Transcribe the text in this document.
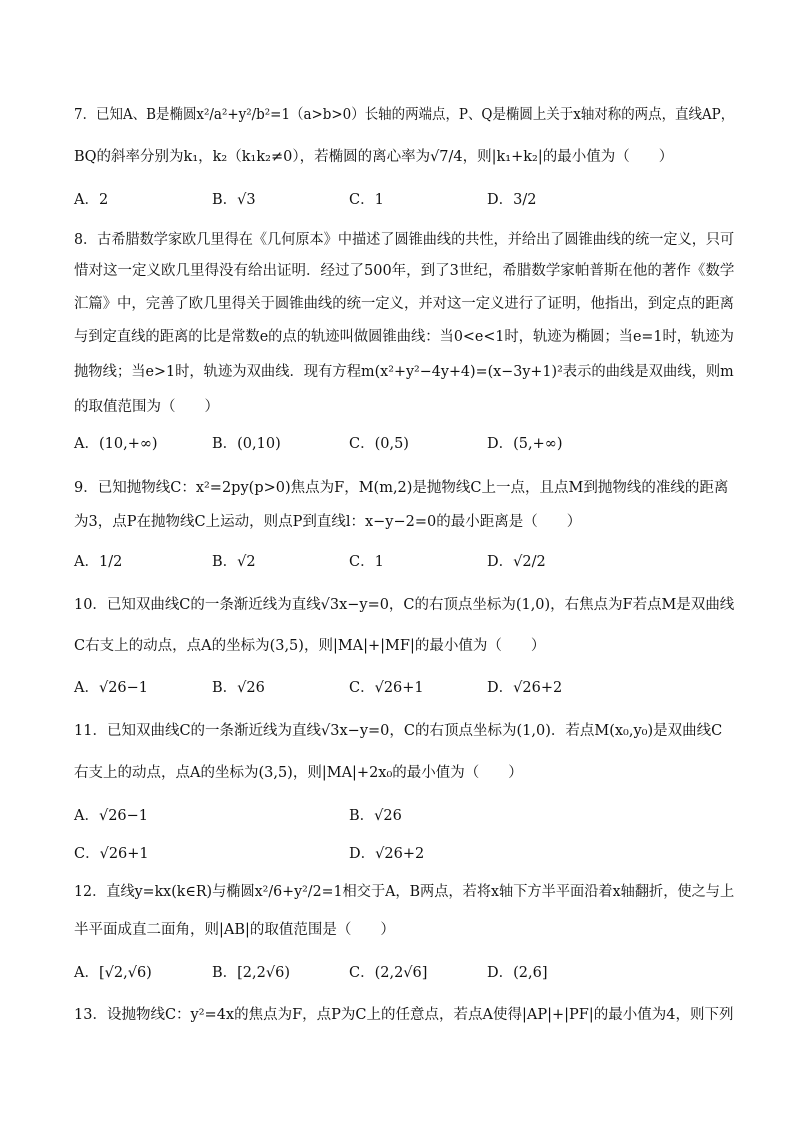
7．已知A、B是椭圆x²/a²+y²/b²=1（a>b>0）长轴的两端点，P、Q是椭圆上关于x轴对称的两点，直线AP，
BQ的斜率分别为k₁，k₂（k₁k₂≠0），若椭圆的离心率为√7/4，则|k₁+k₂|的最小值为（　　）
A．2	B．√3	C．1	D．3/2
8．古希腊数学家欧几里得在《几何原本》中描述了圆锥曲线的共性，并给出了圆锥曲线的统一定义，只可
惜对这一定义欧几里得没有给出证明．经过了500年，到了3世纪，希腊数学家帕普斯在他的著作《数学
汇篇》中，完善了欧几里得关于圆锥曲线的统一定义，并对这一定义进行了证明，他指出，到定点的距离
与到定直线的距离的比是常数e的点的轨迹叫做圆锥曲线：当0<e<1时，轨迹为椭圆；当e=1时，轨迹为
抛物线；当e>1时，轨迹为双曲线．现有方程m(x²+y²−4y+4)=(x−3y+1)²表示的曲线是双曲线，则m
的取值范围为（　　）
A．(10,+∞)	B．(0,10)	C．(0,5)	D．(5,+∞)
9．已知抛物线C：x²=2py(p>0)焦点为F，M(m,2)是抛物线C上一点，且点M到抛物线的准线的距离
为3，点P在抛物线C上运动，则点P到直线l：x−y−2=0的最小距离是（　　）
A．1/2	B．√2	C．1	D．√2/2
10．已知双曲线C的一条渐近线为直线√3x−y=0，C的右顶点坐标为(1,0)，右焦点为F若点M是双曲线
C右支上的动点，点A的坐标为(3,5)，则|MA|+|MF|的最小值为（　　）
A．√26−1	B．√26	C．√26+1	D．√26+2
11．已知双曲线C的一条渐近线为直线√3x−y=0，C的右顶点坐标为(1,0)．若点M(x₀,y₀)是双曲线C
右支上的动点，点A的坐标为(3,5)，则|MA|+2x₀的最小值为（　　）
A．√26−1	B．√26
C．√26+1	D．√26+2
12．直线y=kx(k∈R)与椭圆x²/6+y²/2=1相交于A，B两点，若将x轴下方半平面沿着x轴翻折，使之与上
半平面成直二面角，则|AB|的取值范围是（　　）
A．[√2,√6)	B．[2,2√6)	C．(2,2√6]	D．(2,6]
13．设抛物线C：y²=4x的焦点为F，点P为C上的任意点，若点A使得|AP|+|PF|的最小值为4，则下列
